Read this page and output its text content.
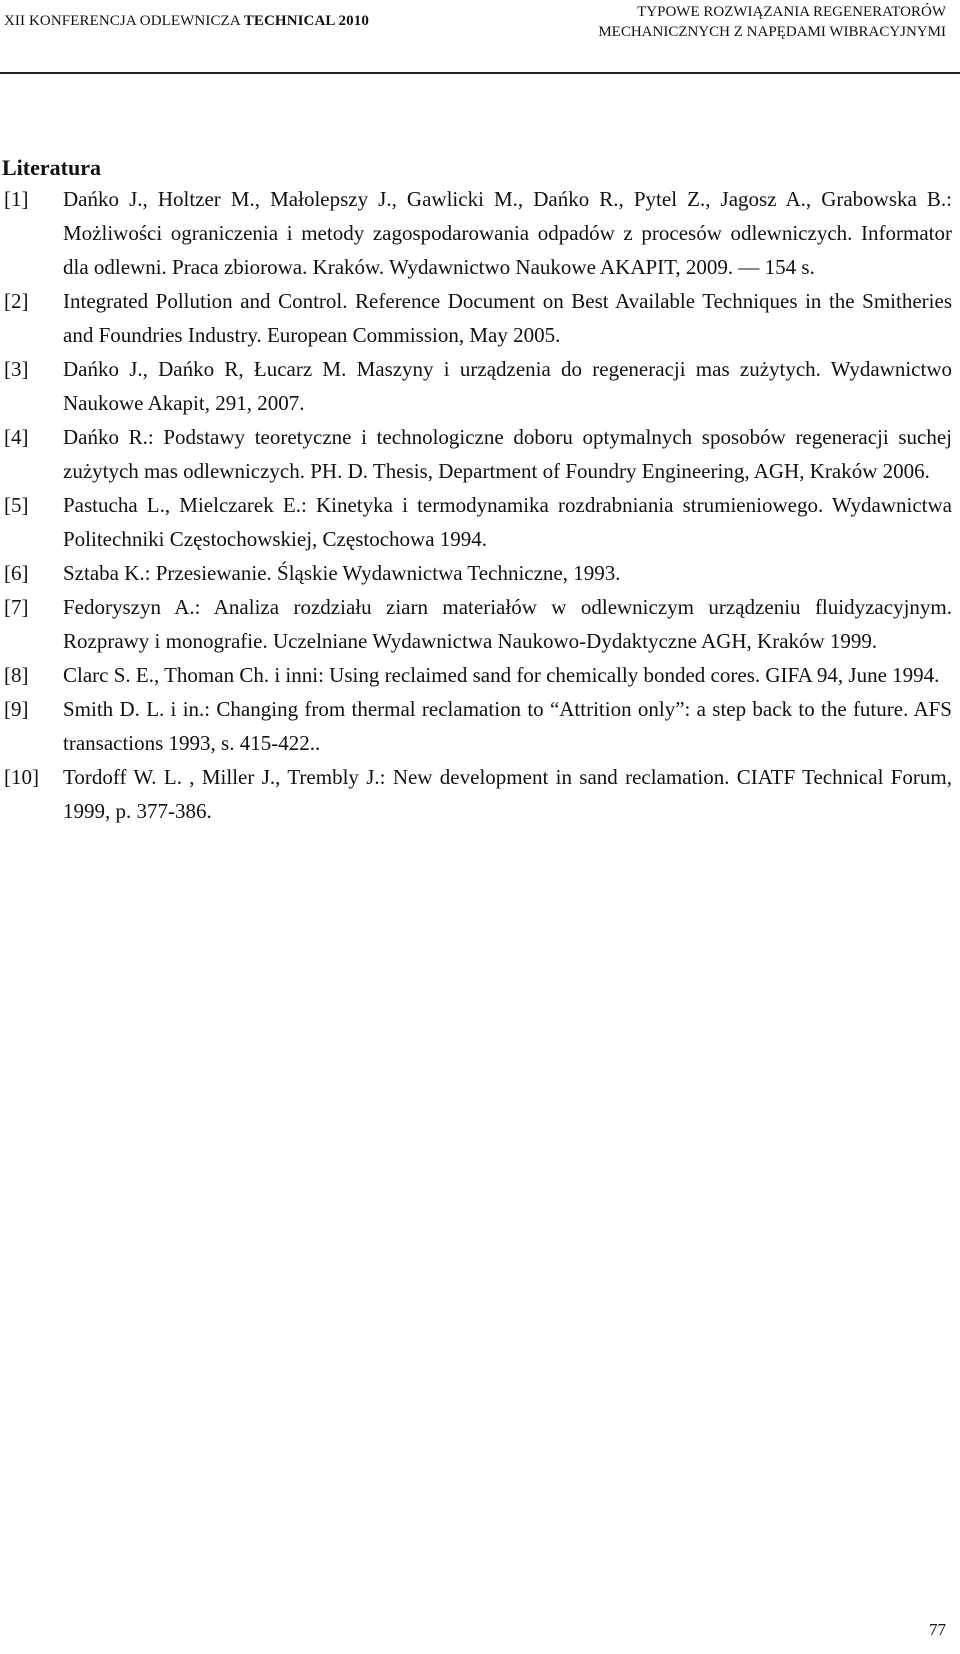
XII KONFERENCJA ODLEWNICZA TECHNICAL 2010
TYPOWE ROZWIĄZANIA REGENERATORÓW
MECHANICZNYCH Z NAPĘDAMI WIBRACYJNYMI
Literatura
[1]	Dańko J., Holtzer M., Małolepszy J., Gawlicki M., Dańko R., Pytel Z., Jagosz A., Grabowska B.: Możliwości ograniczenia i metody zagospodarowania odpadów z procesów odlewniczych. Informator dla odlewni. Praca zbiorowa. Kraków. Wydawnictwo Naukowe AKAPIT, 2009. — 154 s.
[2]	Integrated Pollution and Control. Reference Document on Best Available Techniques in the Smitheries and Foundries Industry. European Commission, May 2005.
[3]	Dańko J., Dańko R, Łucarz M. Maszyny i urządzenia do regeneracji mas zużytych. Wydawnictwo Naukowe Akapit, 291, 2007.
[4]	Dańko R.: Podstawy teoretyczne i technologiczne doboru optymalnych sposobów regeneracji suchej zużytych mas odlewniczych. PH. D. Thesis, Department of Foundry Engineering, AGH, Kraków 2006.
[5]	Pastucha L., Mielczarek E.: Kinetyka i termodynamika rozdrabniania strumieniowego. Wydawnictwa Politechniki Częstochowskiej, Częstochowa 1994.
[6]	Sztaba K.: Przesiewanie. Śląskie Wydawnictwa Techniczne, 1993.
[7]	Fedoryszyn A.: Analiza rozdziału ziarn materiałów w odlewniczym urządzeniu fluidyzacyjnym. Rozprawy i monografie. Uczelniane Wydawnictwa Naukowo-Dydaktyczne AGH, Kraków 1999.
[8]	Clarc S. E., Thoman Ch. i inni: Using reclaimed sand for chemically bonded cores. GIFA 94, June 1994.
[9]	Smith D. L. i in.: Changing from thermal reclamation to “Attrition only”: a step back to the future. AFS transactions 1993, s. 415-422..
[10]	Tordoff W. L. , Miller J., Trembly J.: New development in sand reclamation. CIATF Technical Forum, 1999, p. 377-386.
77
